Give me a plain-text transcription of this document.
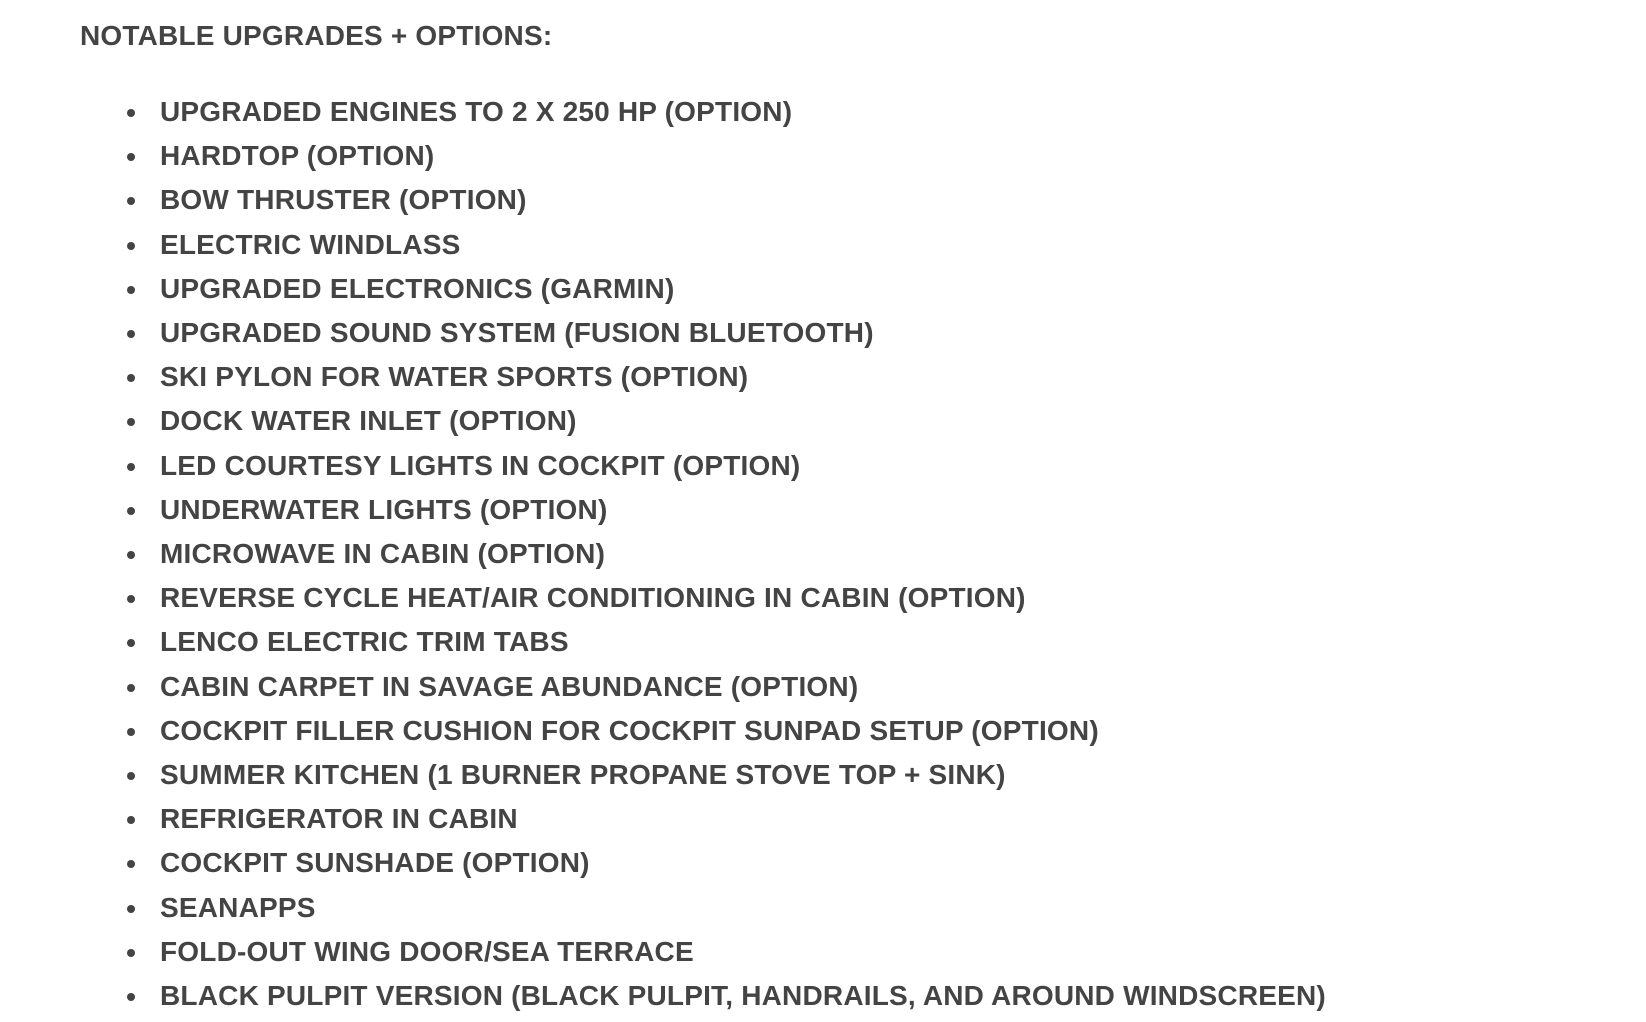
NOTABLE UPGRADES + OPTIONS:

UPGRADED ENGINES TO 2 X 250 HP (OPTION)
HARDTOP (OPTION)
BOW THRUSTER (OPTION)
ELECTRIC WINDLASS
UPGRADED ELECTRONICS (GARMIN)
UPGRADED SOUND SYSTEM (FUSION BLUETOOTH)
SKI PYLON FOR WATER SPORTS (OPTION)
DOCK WATER INLET (OPTION)
LED COURTESY LIGHTS IN COCKPIT (OPTION)
UNDERWATER LIGHTS (OPTION)
MICROWAVE IN CABIN (OPTION)
REVERSE CYCLE HEAT/AIR CONDITIONING IN CABIN (OPTION)
LENCO ELECTRIC TRIM TABS
CABIN CARPET IN SAVAGE ABUNDANCE (OPTION)
COCKPIT FILLER CUSHION FOR COCKPIT SUNPAD SETUP (OPTION)
SUMMER KITCHEN (1 BURNER PROPANE STOVE TOP + SINK)
REFRIGERATOR IN CABIN
COCKPIT SUNSHADE (OPTION)
SEANAPPS
FOLD-OUT WING DOOR/SEA TERRACE
BLACK PULPIT VERSION (BLACK PULPIT, HANDRAILS, AND AROUND WINDSCREEN)
